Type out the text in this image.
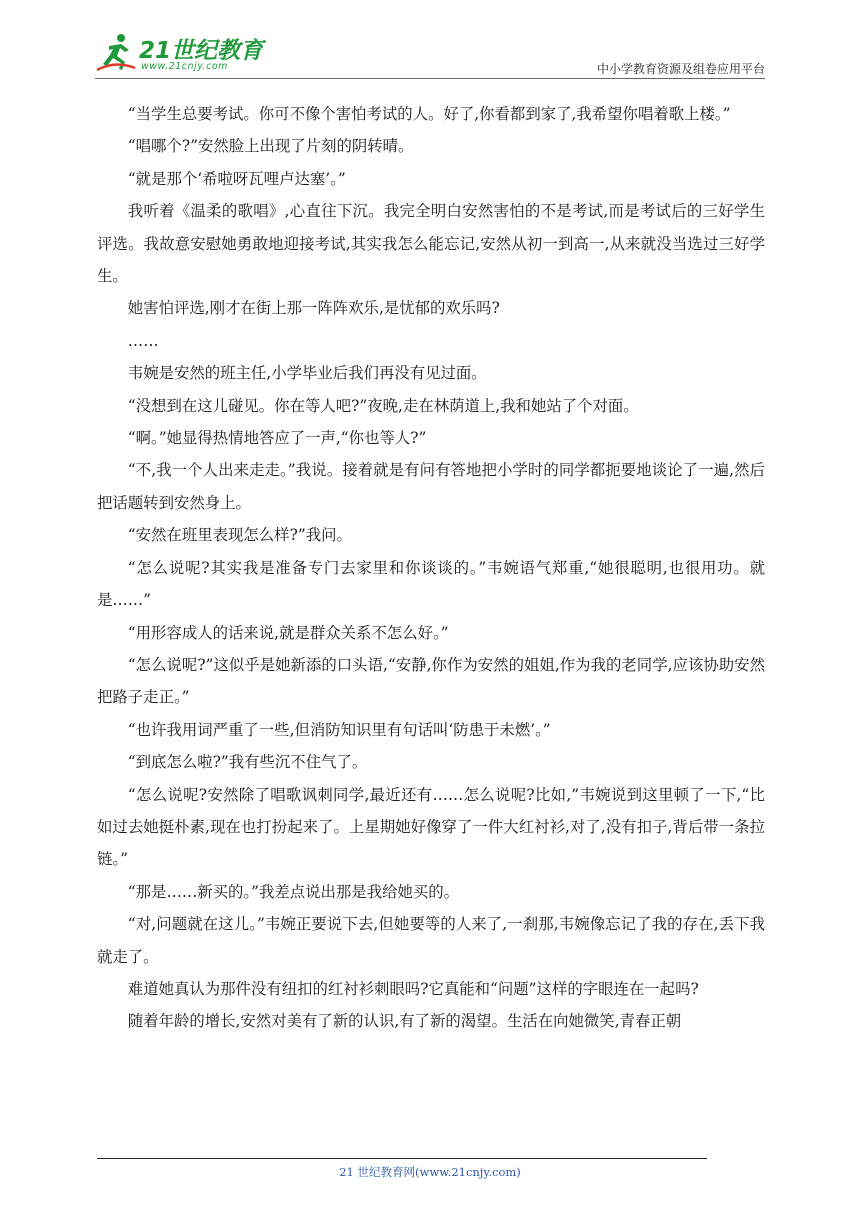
21世纪教育
www.21cnjy.com	中小学教育资源及组卷应用平台

“当学生总要考试。你可不像个害怕考试的人。好了,你看都到家了,我希望你唱着歌上楼。”

“唱哪个?”安然脸上出现了片刻的阴转晴。

“就是那个‘希啦呀瓦哩卢达塞’。”

我听着《温柔的歌唱》,心直往下沉。我完全明白安然害怕的不是考试,而是考试后的三好学生评选。我故意安慰她勇敢地迎接考试,其实我怎么能忘记,安然从初一到高一,从来就没当选过三好学生。

她害怕评选,刚才在街上那一阵阵欢乐,是忧郁的欢乐吗?

……

韦婉是安然的班主任,小学毕业后我们再没有见过面。

“没想到在这儿碰见。你在等人吧?”夜晚,走在林荫道上,我和她站了个对面。

“啊。”她显得热情地答应了一声,“你也等人?”

“不,我一个人出来走走。”我说。接着就是有问有答地把小学时的同学都扼要地谈论了一遍,然后把话题转到安然身上。

“安然在班里表现怎么样?”我问。

“怎么说呢?其实我是准备专门去家里和你谈谈的。”韦婉语气郑重,“她很聪明,也很用功。就是……”

“用形容成人的话来说,就是群众关系不怎么好。”

“怎么说呢?”这似乎是她新添的口头语,“安静,你作为安然的姐姐,作为我的老同学,应该协助安然把路子走正。”

“也许我用词严重了一些,但消防知识里有句话叫‘防患于未燃’。”

“到底怎么啦?”我有些沉不住气了。

“怎么说呢?安然除了唱歌讽刺同学,最近还有……怎么说呢?比如,”韦婉说到这里顿了一下,“比如过去她挺朴素,现在也打扮起来了。上星期她好像穿了一件大红衬衫,对了,没有扣子,背后带一条拉链。”

“那是……新买的。”我差点说出那是我给她买的。

“对,问题就在这儿。”韦婉正要说下去,但她要等的人来了,一刹那,韦婉像忘记了我的存在,丢下我就走了。

难道她真认为那件没有纽扣的红衬衫刺眼吗?它真能和“问题”这样的字眼连在一起吗?

随着年龄的增长,安然对美有了新的认识,有了新的渴望。生活在向她微笑,青春正朝

21 世纪教育网(www.21cnjy.com)
